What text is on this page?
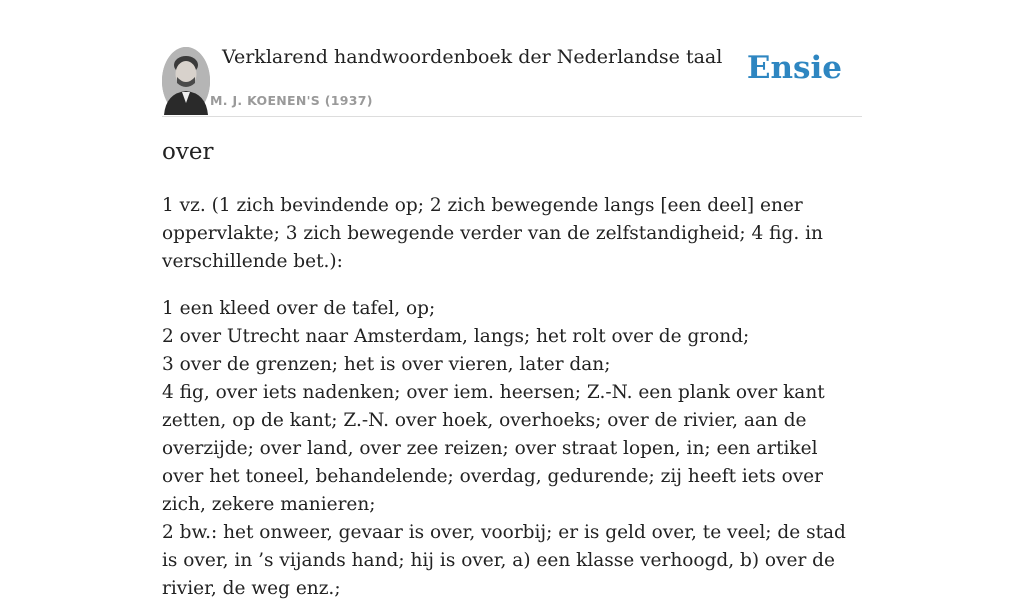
Verklarend handwoordenboek der Nederlandse taal
M. J. KOENEN'S (1937)
Ensie
over

1 vz. (1 zich bevindende op; 2 zich bewegende langs [een deel] ener oppervlakte; 3 zich bewegende verder van de zelfstandigheid; 4 fig. in verschillende bet.):

1 een kleed over de tafel, op;
2 over Utrecht naar Amsterdam, langs; het rolt over de grond;
3 over de grenzen; het is over vieren, later dan;
4 fig, over iets nadenken; over iem. heersen; Z.-N. een plank over kant zetten, op de kant; Z.-N. over hoek, overhoeks; over de rivier, aan de overzijde; over land, over zee reizen; over straat lopen, in; een artikel over het toneel, behandelende; overdag, gedurende; zij heeft iets over zich, zekere manieren;
2 bw.: het onweer, gevaar is over, voorbij; er is geld over, te veel; de stad is over, in ’s vijands hand; hij is over, a) een klasse verhoogd, b) over de rivier, de weg enz.;
